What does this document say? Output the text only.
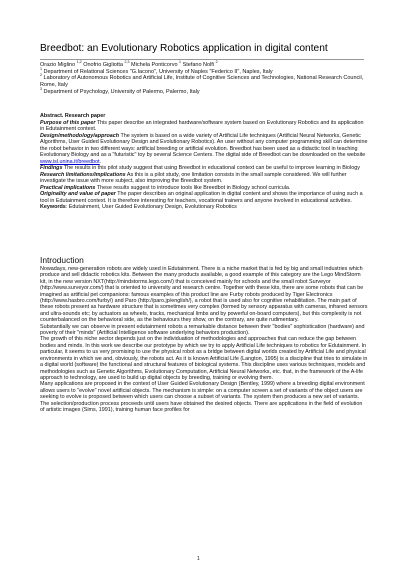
Breedbot: an Evolutionary Robotics application in digital content

Orazio Miglino $^{1,2}$ Onofrio Gigliotta $^{2,3}$ Michela Ponticorvo $^1$ Stefano Nolfi $^2$

$^1$ Department of Relational Sciences "G.Iacono", University of Naples "Federico II", Naples, Italy

$^2$ Laboratory of Autonomous Robotics and Artificial Life, Institute of Cognitive Sciences and Technologies, National Research Council, Rome, Italy

$^3$ Department of Psychology, University of Palermo, Palermo, Italy

Abstract. Research paper

Purpose of this paper This paper describe an integrated hardware/software system based on Evolutionary Robotics and its application in Edutainment context.

Design/methodology/approach The system is based on a wide variety of Artificial Life techniques (Artificial Neural Networks, Genetic Algorithms, User Guided Evolutionary Design and Evolutionary Robotics). An user without any computer programming skill can determine the robot behavior in two different ways: artificial breeding or artificial evolution. Breedbot has been used as a didactic tool in teaching Evolutionary Biology and as a "futuristic" toy by several Science Centers. The digital side of Breedbot can be downloaded on the website www.isl.unina.it/breedbot.

Findings The results in this pilot study suggest that using Breedbot in educational context can be useful to improve learning in Biology

Research limitations/implications As this is a pilot study, one limitation consists in the small sample considered. We will further investigate the issue with more subject, also improving the Breedbot system.

Practical implications These results suggest to introduce tools like Breedbot in Biology school curricula.

Originality and value of paper The paper describes an original application in digital content and shows the importance of using such a tool in Edutainment context. It is therefore interesting for teachers, vocational trainers and anyone involved in educational activities.

Keywords: Edutainment, User Guided Evolutionary Design, Evolutionary Robotics

Introduction

Nowadays, new-generation robots are widely used in Edutainment. There is a niche market that is fed by big and small industries which produce and sell didactic robotics kits. Between the many products available, a good example of this category are the Lego MindStorm kit, in the new version NXT(http://mindstorms.lego.com/) that is conceived mainly for schools and the small robot Surveyor (http://www.surveyor.com/) that is oriented to university and research centre. Together with these kits, there are some robots that can be imagined as artificial pet companions: famous examples of this product line are Furby robots produced by Tiger Electronics (http://www.hasbro.com/furby/) and Paro (http://paro.jp/english/), a robot that is used also for cognitive rehabilitation. The main part of these robots present as hardware structure that is sometimes very complex (formed by sensory apparatus with cameras, infrared sensors and ultra-sounds etc; by actuators as wheels, tracks, mechanical limbs and by powerful on-board computers), but this complexity is not counterbalanced on the behavioral side, as the behaviours they show, on the contrary, are quite rudimentary.

Substantially we can observe in present edutainment robots a remarkable distance between their "bodies" sophistication (hardware) and poverty of their "minds" (Artificial Intelligence software underlying behaviors production).

The growth of this niche sector depends just on the individuation of methodologies and approaches that can reduce the gap between bodies and minds. In this work we describe our prototype by which we try to apply Artificial Life techniques to robotics for Edutainment. In particular, it seems to us very promising to use the physical robot as a bridge between digital worlds created by Artificial Life and physical environments in which we and, obviously, the robots act. As it is known Artificial Life (Langton, 1995) is a discipline that tries to simulate in a digital world (software) the functional and structural features of biological systems. This discipline uses various techniques, models and methodologies such as Genetic Algorithms, Evolutionary Computation, Artificial Neural Networks, etc. that, in the framework of the A-life approach to technology, are used to build up digital objects by breeding, training or evolving them.

Many applications are proposed in the context of User Guided Evolutionary Design (Bentley, 1999) where a breeding digital environment allows users to "evolve" novel artificial objects. The mechanism is simple: on a computer screen a set of variants of the object users are seeking to evolve is proposed between which users can choose a subset of variants. The system then produces a new set of variants. The selection/production process proceeds until users have obtained the desired objects. There are applications in the field of evolution of artistic images (Sims, 1991), training human face profiles for

1
